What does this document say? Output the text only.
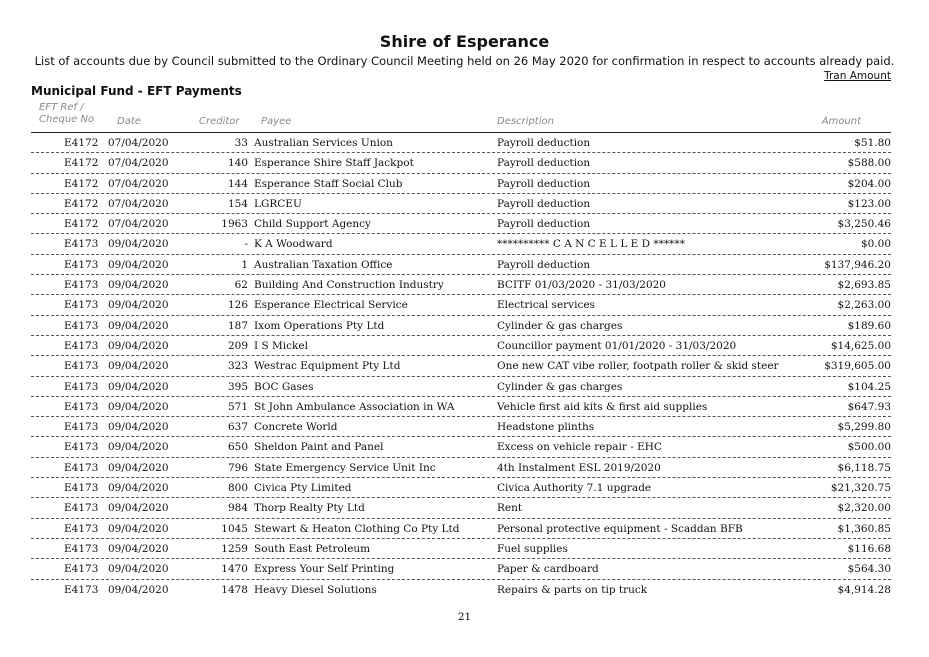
Shire of Esperance
List of accounts due by Council submitted to the Ordinary Council Meeting held on 26 May 2020 for confirmation in respect to accounts already paid.
Tran Amount
Municipal Fund - EFT Payments
EFT Ref / Cheque No	Date	Creditor Payee	Description	Amount
E4172 07/04/2020	33 Australian Services Union	Payroll deduction	$51.80
E4172 07/04/2020	140 Esperance Shire Staff Jackpot	Payroll deduction	$588.00
E4172 07/04/2020	144 Esperance Staff Social Club	Payroll deduction	$204.00
E4172 07/04/2020	154 LGRCEU	Payroll deduction	$123.00
E4172 07/04/2020	1963 Child Support Agency	Payroll deduction	$3,250.46
E4173 09/04/2020	- K A Woodward	********** C A N C E L L E D ******	$0.00
E4173 09/04/2020	1 Australian Taxation Office	Payroll deduction	$137,946.20
E4173 09/04/2020	62 Building And Construction Industry	BCITF 01/03/2020 - 31/03/2020	$2,693.85
E4173 09/04/2020	126 Esperance Electrical Service	Electrical services	$2,263.00
E4173 09/04/2020	187 Ixom Operations Pty Ltd	Cylinder & gas charges	$189.60
E4173 09/04/2020	209 I S Mickel	Councillor payment 01/01/2020 - 31/03/2020	$14,625.00
E4173 09/04/2020	323 Westrac Equipment Pty Ltd	One new CAT vibe roller, footpath roller & skid steer	$319,605.00
E4173 09/04/2020	395 BOC Gases	Cylinder & gas charges	$104.25
E4173 09/04/2020	571 St John Ambulance Association in WA	Vehicle first aid kits & first aid supplies	$647.93
E4173 09/04/2020	637 Concrete World	Headstone plinths	$5,299.80
E4173 09/04/2020	650 Sheldon Paint and Panel	Excess on vehicle repair - EHC	$500.00
E4173 09/04/2020	796 State Emergency Service Unit Inc	4th Instalment ESL 2019/2020	$6,118.75
E4173 09/04/2020	800 Civica Pty Limited	Civica Authority 7.1 upgrade	$21,320.75
E4173 09/04/2020	984 Thorp Realty Pty Ltd	Rent	$2,320.00
E4173 09/04/2020	1045 Stewart & Heaton Clothing Co Pty Ltd	Personal protective equipment - Scaddan BFB	$1,360.85
E4173 09/04/2020	1259 South East Petroleum	Fuel supplies	$116.68
E4173 09/04/2020	1470 Express Your Self Printing	Paper & cardboard	$564.30
E4173 09/04/2020	1478 Heavy Diesel Solutions	Repairs & parts on tip truck	$4,914.28
21
